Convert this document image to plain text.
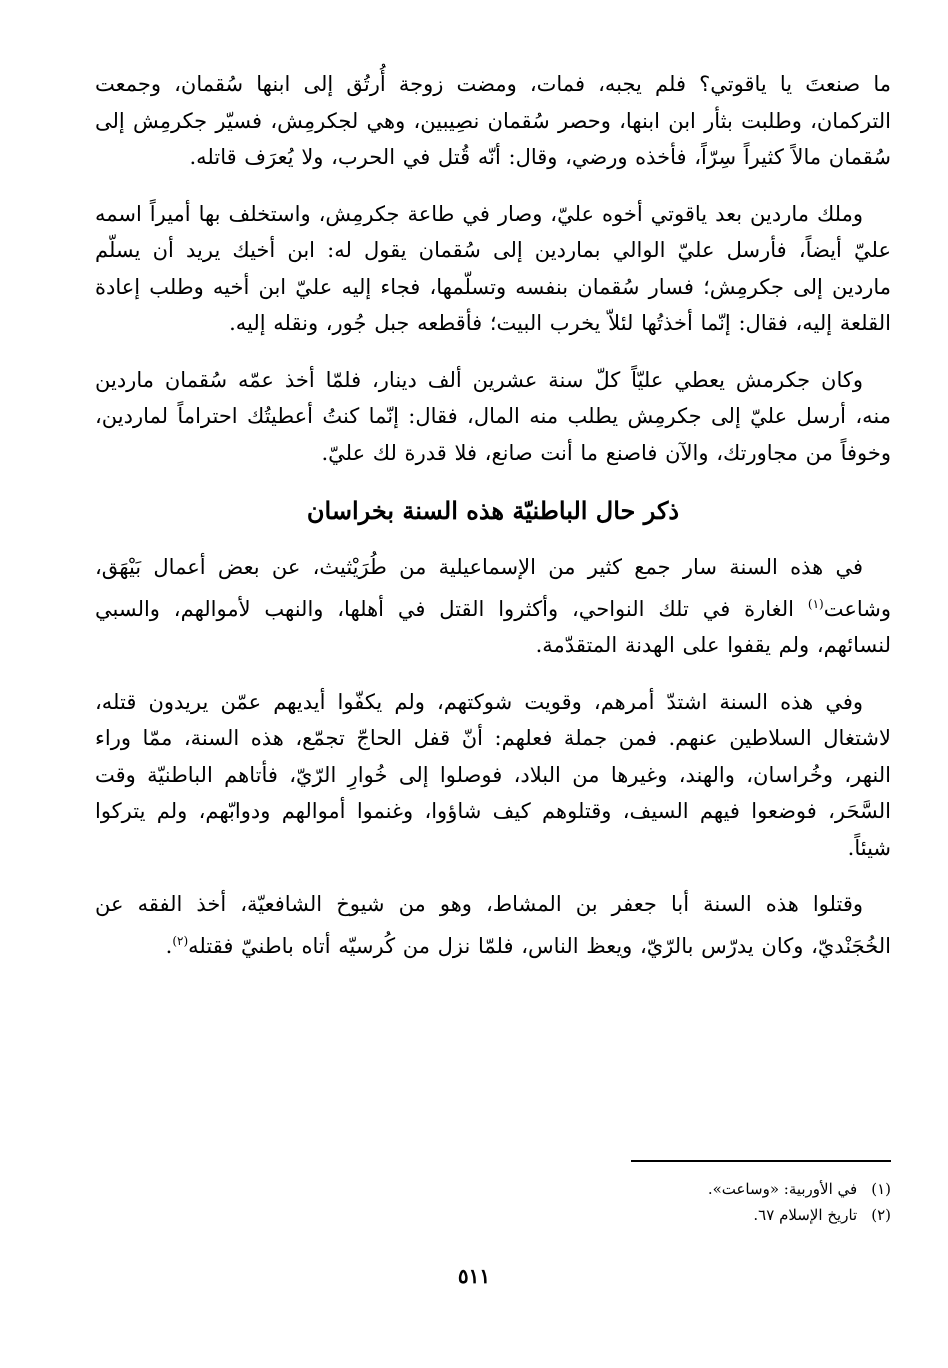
ما صنعتَ يا ياقوتي؟ فلم يجبه، فمات، ومضت زوجة أُرتُق إلى ابنها سُقمان، وجمعت التركمان، وطلبت بثأر ابن ابنها، وحصر سُقمان نصِيبين، وهي لجكرمِش، فسيّر جكرمِش إلى سُقمان مالاً كثيراً سِرّاً، فأخذه ورضي، وقال: أنّه قُتل في الحرب، ولا يُعرَف قاتله.

وملك ماردين بعد ياقوتي أخوه عليّ، وصار في طاعة جكرمِش، واستخلف بها أميراً اسمه عليّ أيضاً، فأرسل عليّ الوالي بماردين إلى سُقمان يقول له: ابن أخيك يريد أن يسلّم ماردين إلى جكرمِش؛ فسار سُقمان بنفسه وتسلّمها، فجاء إليه عليّ ابن أخيه وطلب إعادة القلعة إليه، فقال: إنّما أخذتُها لئلاّ يخرب البيت؛ فأقطعه جبل جُور، ونقله إليه.

وكان جكرمش يعطي عليّاً كلّ سنة عشرين ألف دينار، فلمّا أخذ عمّه سُقمان ماردين منه، أرسل عليّ إلى جكرمِش يطلب منه المال، فقال: إنّما كنتُ أعطيتُك احتراماً لماردين، وخوفاً من مجاورتك، والآن فاصنع ما أنت صانع، فلا قدرة لك عليّ.

ذكر حال الباطنيّة هذه السنة بخراسان

في هذه السنة سار جمع كثير من الإسماعيلية من طُرَيْثيث، عن بعض أعمال بَيْهَق، وشاعت$^{(١)}$ الغارة في تلك النواحي، وأكثروا القتل في أهلها، والنهب لأموالهم، والسبي لنسائهم، ولم يقفوا على الهدنة المتقدّمة.

وفي هذه السنة اشتدّ أمرهم، وقويت شوكتهم، ولم يكفّوا أيديهم عمّن يريدون قتله، لاشتغال السلاطين عنهم. فمن جملة فعلهم: أنّ قفل الحاجّ تجمّع، هذه السنة، ممّا وراء النهر، وخُراسان، والهند، وغيرها من البلاد، فوصلوا إلى خُوارِ الرّيّ، فأتاهم الباطنيّة وقت السَّحَر، فوضعوا فيهم السيف، وقتلوهم كيف شاؤوا، وغنموا أموالهم ودوابّهم، ولم يتركوا شيئاً.

وقتلوا هذه السنة أبا جعفر بن المشاط، وهو من شيوخ الشافعيّة، أخذ الفقه عن الخُجَنْديّ، وكان يدرّس بالرّيّ، ويعظ الناس، فلمّا نزل من كُرسيّه أتاه باطنيّ فقتله$^{(٢)}$.

(١)في الأوربية: «وساعت».
(٢)تاريخ الإسلام ٦٧.
٥١١
